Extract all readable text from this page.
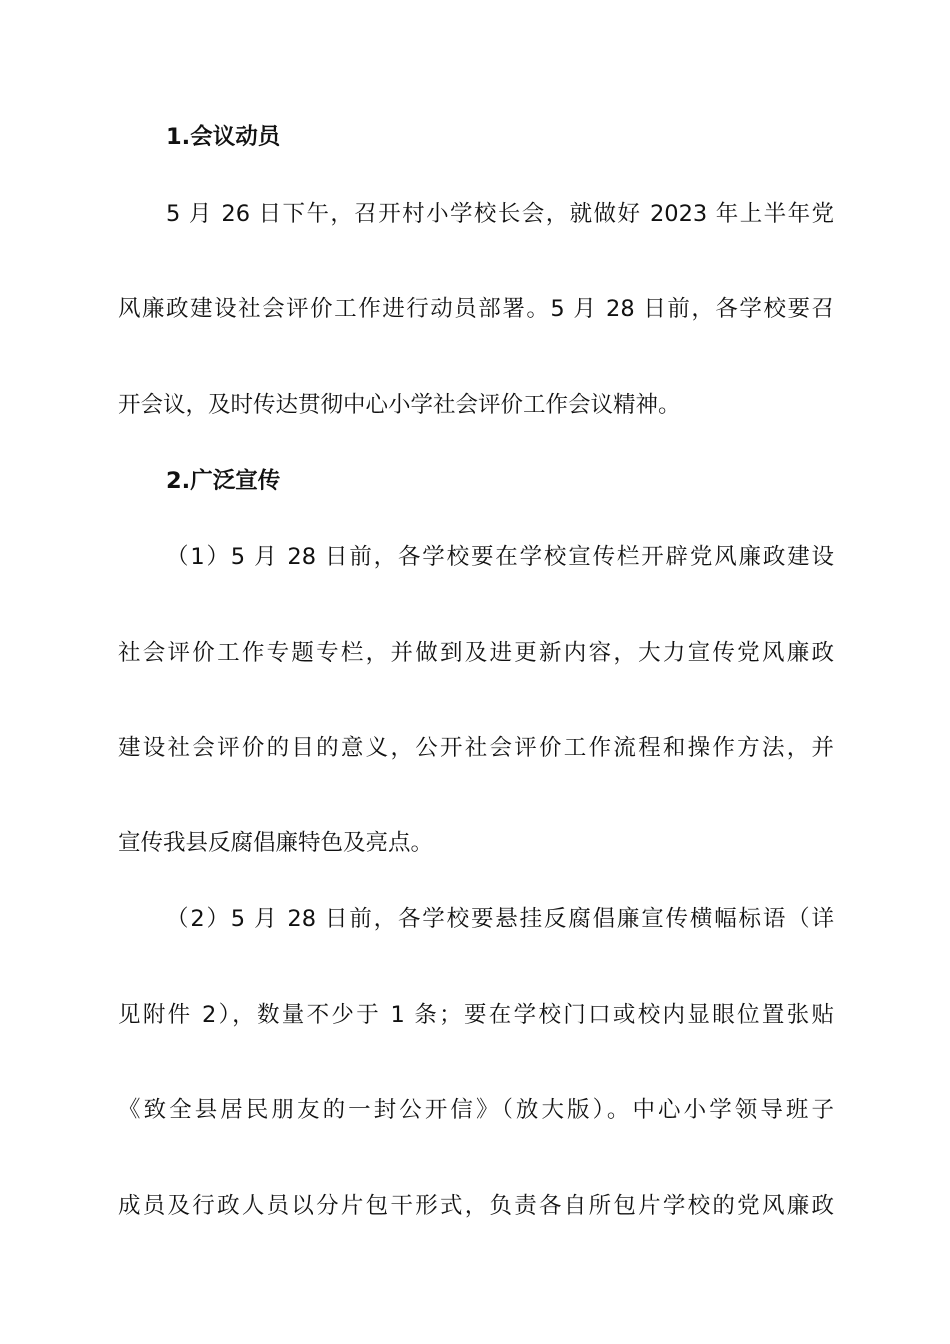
1.会议动员
5 月 26 日下午，召开村小学校长会，就做好 2023 年上半年党
风廉政建设社会评价工作进行动员部署。5 月 28 日前，各学校要召
开会议，及时传达贯彻中心小学社会评价工作会议精神。
2.广泛宣传
（1）5 月 28 日前，各学校要在学校宣传栏开辟党风廉政建设
社会评价工作专题专栏，并做到及进更新内容，大力宣传党风廉政
建设社会评价的目的意义，公开社会评价工作流程和操作方法，并
宣传我县反腐倡廉特色及亮点。
（2）5 月 28 日前，各学校要悬挂反腐倡廉宣传横幅标语（详
见附件 2），数量不少于 1 条；要在学校门口或校内显眼位置张贴
《致全县居民朋友的一封公开信》（放大版）。中心小学领导班子
成员及行政人员以分片包干形式，负责各自所包片学校的党风廉政
